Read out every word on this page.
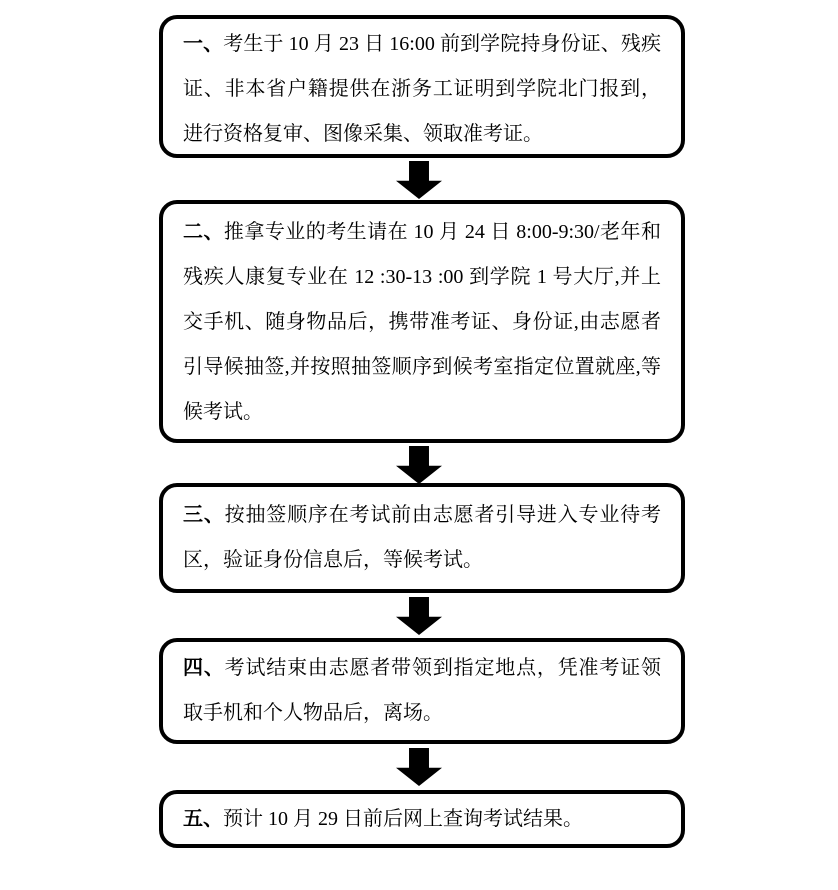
一、考生于 10 月 23 日 16:00 前到学院持身份证、残疾证、非本省户籍提供在浙务工证明到学院北门报到，进行资格复审、图像采集、领取准考证。

二、推拿专业的考生请在 10 月 24 日 8:00-9:30/老年和残疾人康复专业在 12 :30-13 :00 到学院 1 号大厅,并上交手机、随身物品后，携带准考证、身份证,由志愿者引导候抽签,并按照抽签顺序到候考室指定位置就座,等候考试。

三、按抽签顺序在考试前由志愿者引导进入专业待考区，验证身份信息后，等候考试。

四、考试结束由志愿者带领到指定地点，凭准考证领取手机和个人物品后，离场。

五、预计 10 月 29 日前后网上查询考试结果。
